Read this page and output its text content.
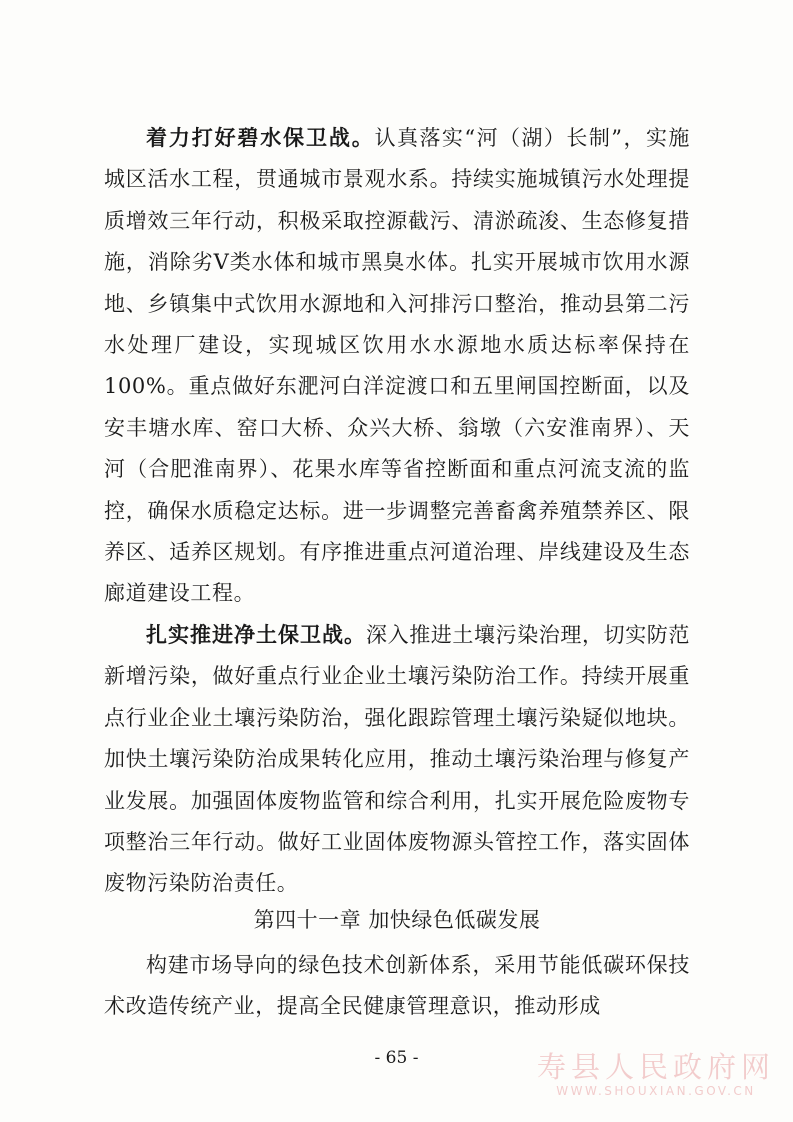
着力打好碧水保卫战。认真落实“河（湖）长制”，实施城区活水工程，贯通城市景观水系。持续实施城镇污水处理提质增效三年行动，积极采取控源截污、清淤疏浚、生态修复措施，消除劣Ⅴ类水体和城市黑臭水体。扎实开展城市饮用水源地、乡镇集中式饮用水源地和入河排污口整治，推动县第二污水处理厂建设，实现城区饮用水水源地水质达标率保持在100%。重点做好东淝河白洋淀渡口和五里闸国控断面，以及安丰塘水库、窑口大桥、众兴大桥、翁墩（六安淮南界）、天河（合肥淮南界）、花果水库等省控断面和重点河流支流的监控，确保水质稳定达标。进一步调整完善畜禽养殖禁养区、限养区、适养区规划。有序推进重点河道治理、岸线建设及生态廊道建设工程。

扎实推进净土保卫战。深入推进土壤污染治理，切实防范新增污染，做好重点行业企业土壤污染防治工作。持续开展重点行业企业土壤污染防治，强化跟踪管理土壤污染疑似地块。加快土壤污染防治成果转化应用，推动土壤污染治理与修复产业发展。加强固体废物监管和综合利用，扎实开展危险废物专项整治三年行动。做好工业固体废物源头管控工作，落实固体废物污染防治责任。

第四十一章 加快绿色低碳发展

构建市场导向的绿色技术创新体系，采用节能低碳环保技术改造传统产业，提高全民健康管理意识，推动形成

- 65 -	寿县人民政府网
WWW.SHOUXIAN.GOV.CN
